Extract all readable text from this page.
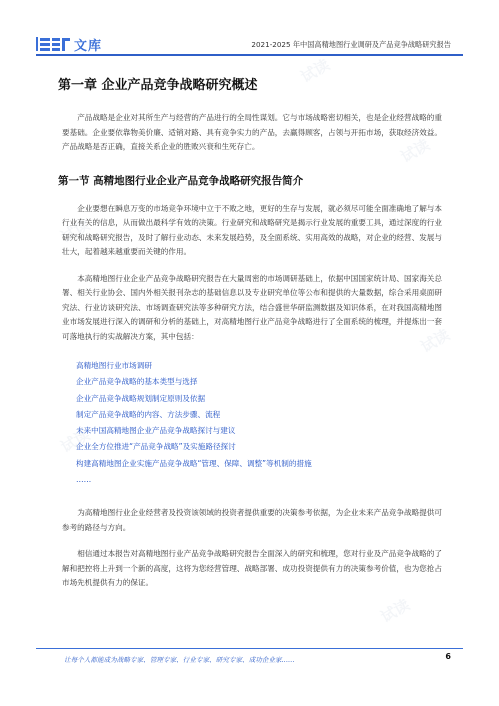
文库	2021-2025 年中国高精地图行业调研及产品竞争战略研究报告
试读
试读
试读
试读
试读
试读
第一章 企业产品竞争战略研究概述

产品战略是企业对其所生产与经营的产品进行的全局性谋划。它与市场战略密切相关，也是企业经营战略的重要基础。企业要依靠物美价廉、适销对路、具有竞争实力的产品，去赢得顾客，占领与开拓市场，获取经济效益。产品战略是否正确，直接关系企业的胜败兴衰和生死存亡。

第一节 高精地图行业企业产品竞争战略研究报告简介

企业要想在瞬息万变的市场竞争环境中立于不败之地，更好的生存与发展，就必须尽可能全面准确地了解与本行业有关的信息，从而做出最科学有效的决策。行业研究和战略研究是揭示行业发展的重要工具，通过深度的行业研究和战略研究报告，及时了解行业动态、未来发展趋势，及全面系统、实用高效的战略，对企业的经营、发展与壮大，起着越来越重要而关键的作用。

本高精地图行业企业产品竞争战略研究报告在大量周密的市场调研基础上，依据中国国家统计局、国家海关总署、相关行业协会、国内外相关报刊杂志的基础信息以及专业研究单位等公布和提供的大量数据，综合采用桌面研究法、行业访谈研究法、市场调查研究法等多种研究方法，结合盛世华研监测数据及知识体系，在对我国高精地图业市场发展进行深入的调研和分析的基础上，对高精地图行业产品竞争战略进行了全面系统的梳理，并提炼出一套可落地执行的实战解决方案，其中包括：

高精地图行业市场调研
企业产品竞争战略的基本类型与选择
企业产品竞争战略规划制定原则及依据
制定产品竞争战略的内容、方法步骤、流程
未来中国高精地图企业产品竞争战略探讨与建议
企业全方位推进“产品竞争战略”及实施路径探讨
构建高精地图企业实施产品竞争战略“管理、保障、调整”等机制的措施
……

为高精地图行业企业经营者及投资该领域的投资者提供重要的决策参考依据，为企业未来产品竞争战略提供可参考的路径与方向。

相信通过本报告对高精地图行业产品竞争战略研究报告全面深入的研究和梳理，您对行业及产品竞争战略的了解和把控将上升到一个新的高度，这将为您经营管理、战略部署、成功投资提供有力的决策参考价值，也为您抢占市场先机提供有力的保证。

让每个人都能成为战略专家、管理专家、行业专家、研究专家、成功企业家……	6
